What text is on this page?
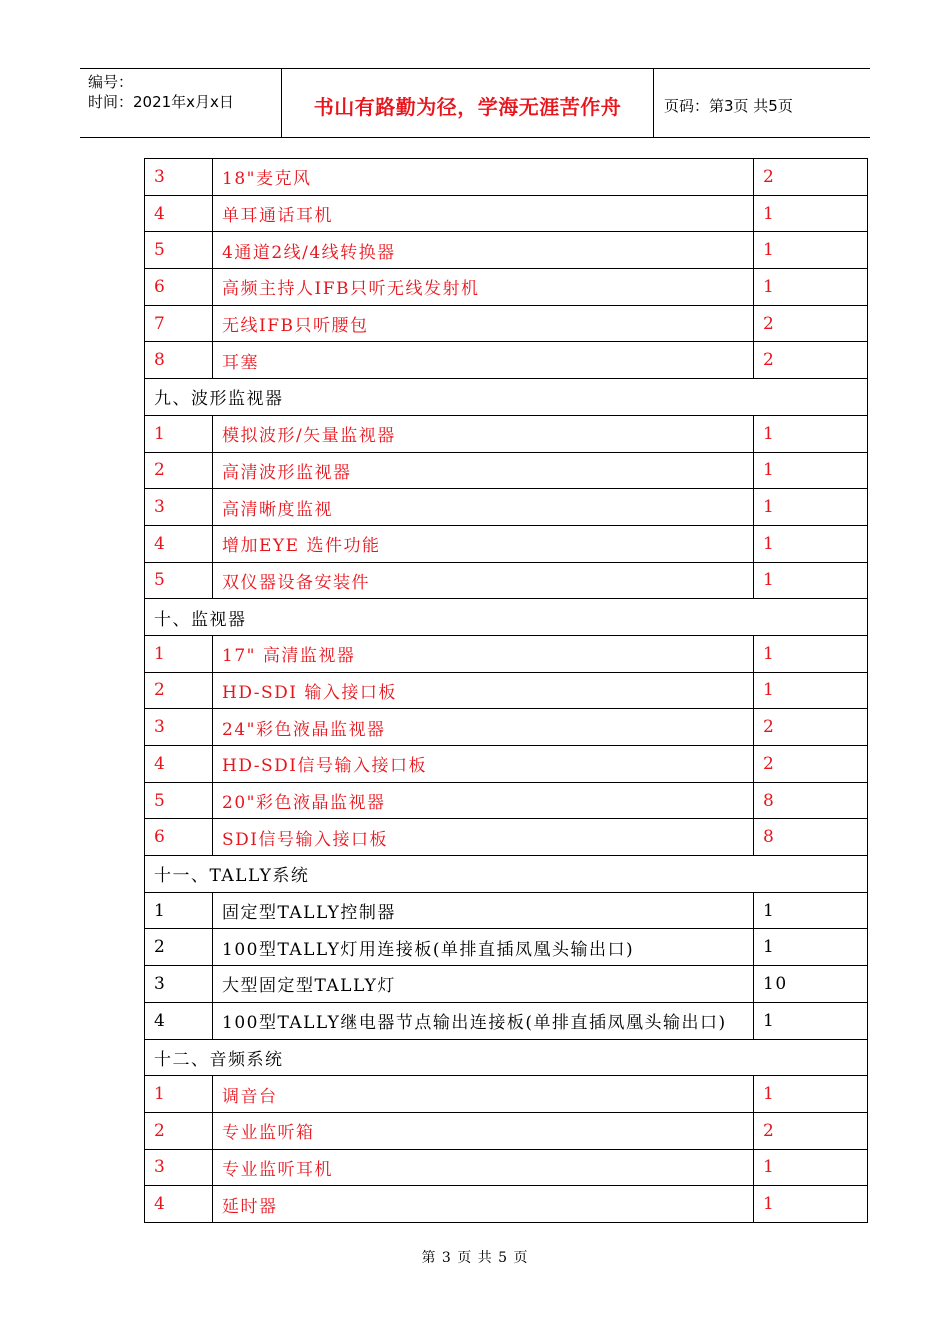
编号：
时间：2021年x月x日	书山有路勤为径，学海无涯苦作舟	页码：第3页 共5页
3	18"麦克风	2
4	单耳通话耳机	1
5	4通道2线/4线转换器	1
6	高频主持人IFB只听无线发射机	1
7	无线IFB只听腰包	2
8	耳塞	2
九、波形监视器		
1	模拟波形/矢量监视器	1
2	高清波形监视器	1
3	高清晰度监视	1
4	增加EYE 选件功能	1
5	双仪器设备安装件	1
十、监视器		
1	17" 高清监视器	1
2	HD-SDI 输入接口板	1
3	24"彩色液晶监视器	2
4	HD-SDI信号输入接口板	2
5	20"彩色液晶监视器	8
6	SDI信号输入接口板	8
十一、TALLY系统		
1	固定型TALLY控制器	1
2	100型TALLY灯用连接板(单排直插凤凰头输出口)	1
3	大型固定型TALLY灯	10
4	100型TALLY继电器节点输出连接板(单排直插凤凰头输出口)	1
十二、音频系统		
1	调音台	1
2	专业监听箱	2
3	专业监听耳机	1
4	延时器	1
第 3 页 共 5 页
